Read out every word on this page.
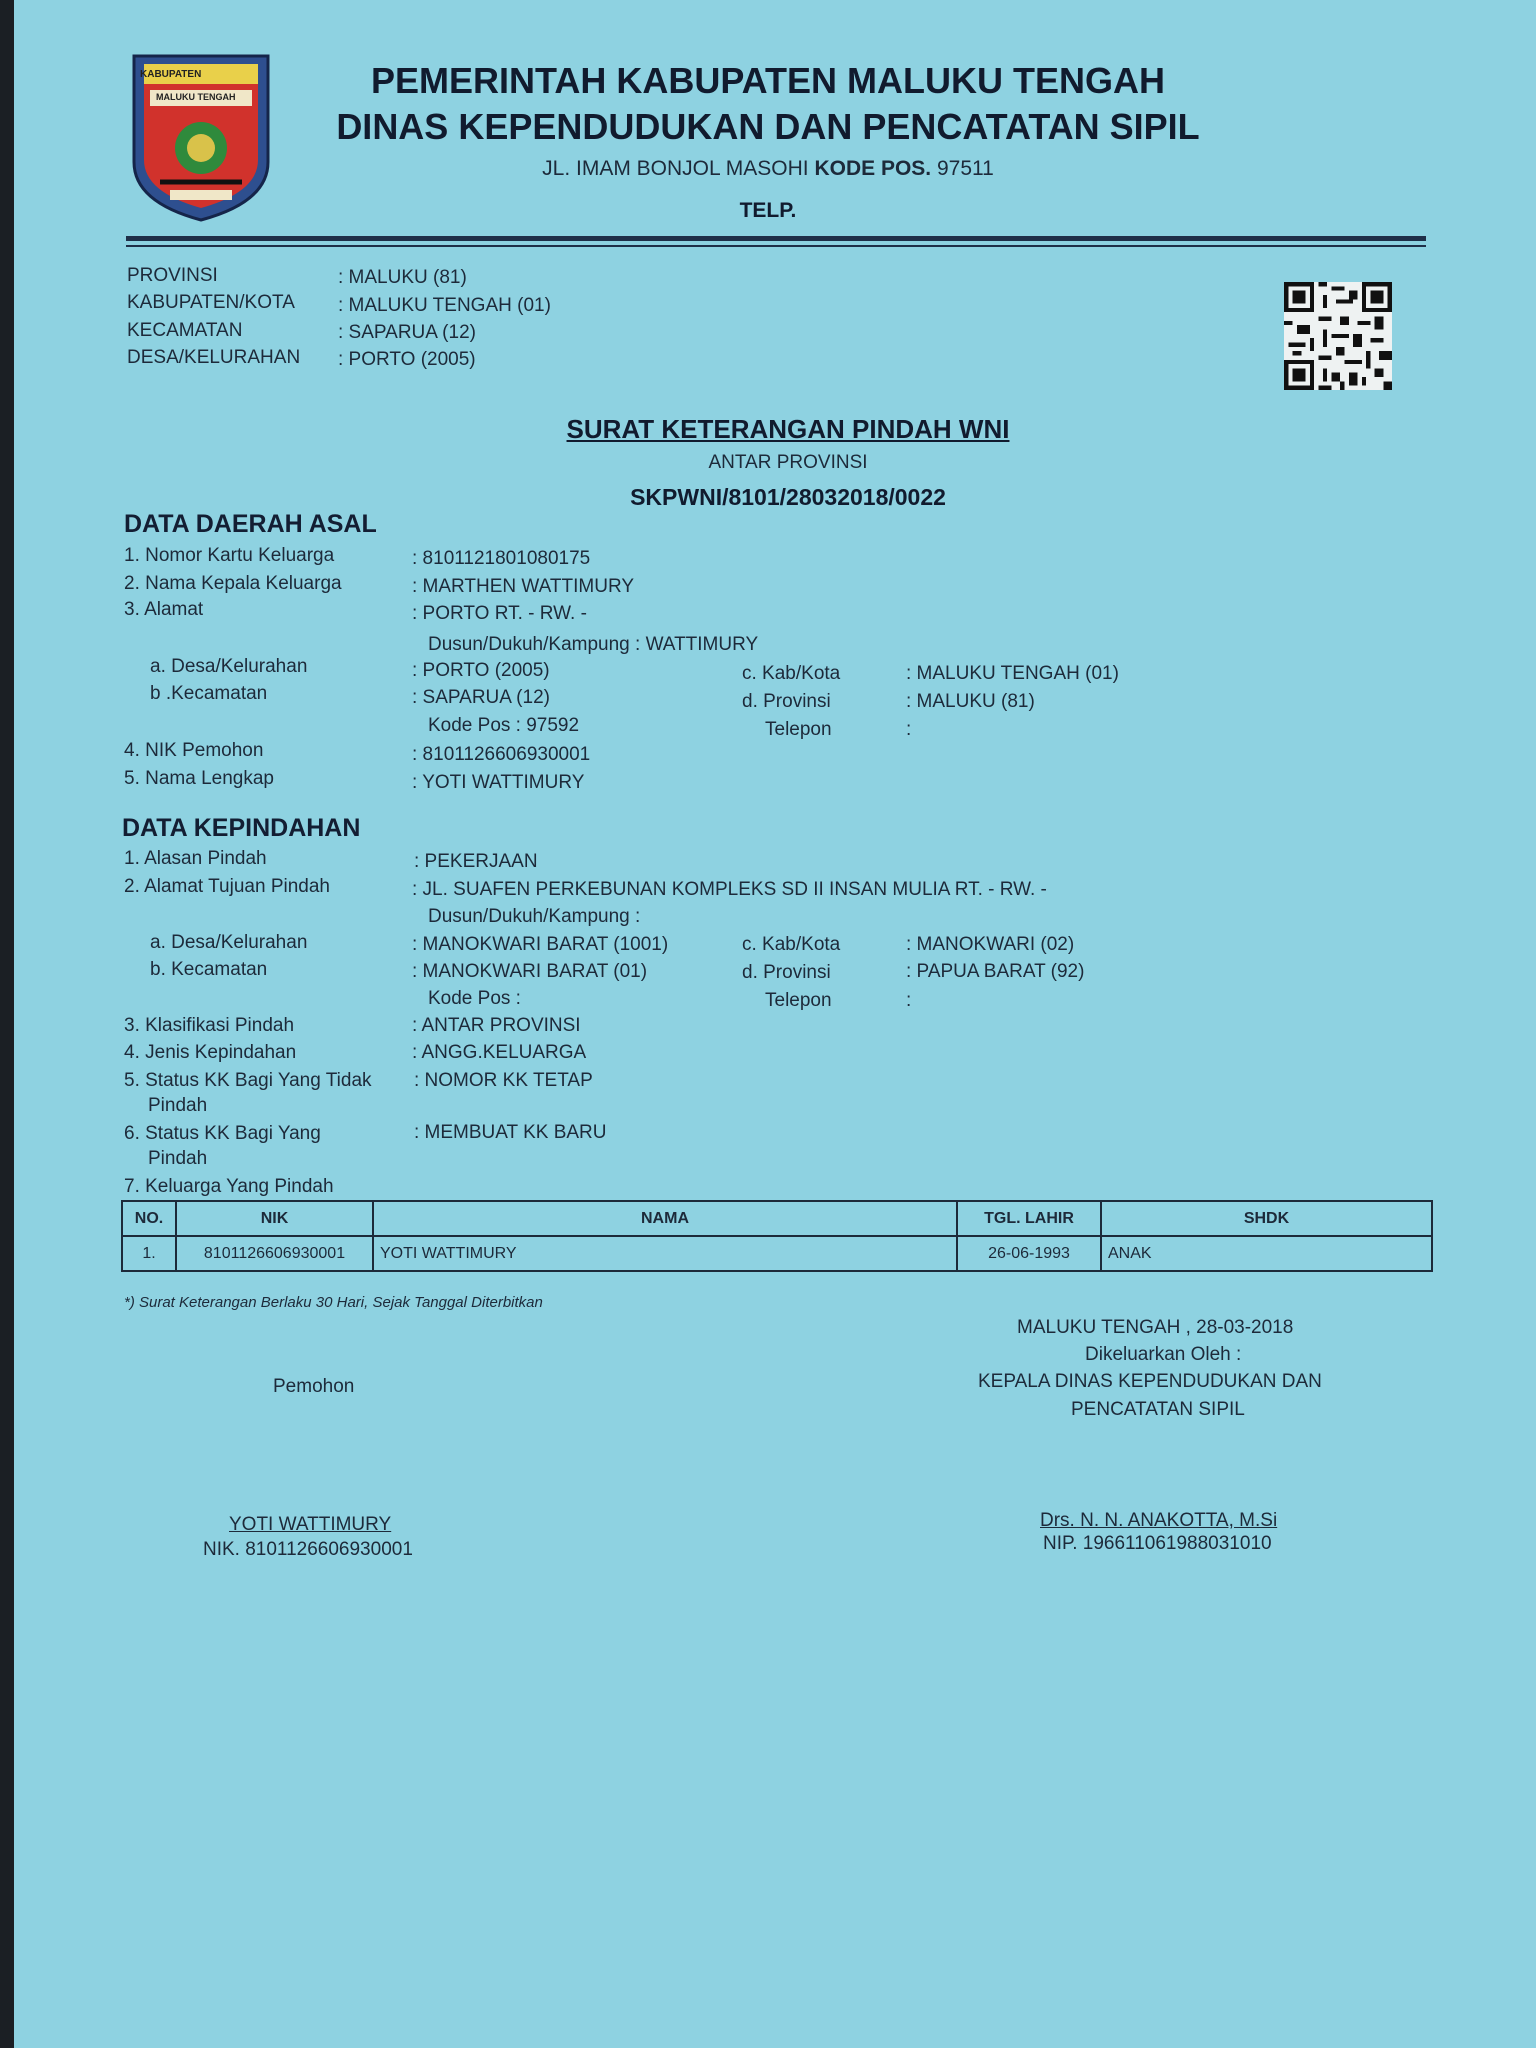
KABUPATEN
MALUKU TENGAH	PEMERINTAH KABUPATEN MALUKU TENGAH
DINAS KEPENDUDUKAN DAN PENCATATAN SIPIL
JL. IMAM BONJOL MASOHI KODE POS. 97511
TELP.
PROVINSI	: MALUKU (81)
KABUPATEN/KOTA : MALUKU TENGAH (01)
KECAMATAN	: SAPARUA (12)
DESA/KELURAHAN : PORTO (2005)
SURAT KETERANGAN PINDAH WNI
ANTAR PROVINSI
SKPWNI/8101/28032018/0022
DATA DAERAH ASAL
1. Nomor Kartu Keluarga	: 8101121801080175
2. Nama Kepala Keluarga	: MARTHEN WATTIMURY
3. Alamat	: PORTO RT. - RW. -
Dusun/Dukuh/Kampung : WATTIMURY
a. Desa/Kelurahan	: PORTO (2005)	c. Kab/Kota	: MALUKU TENGAH (01)
b .Kecamatan	: SAPARUA (12)	d. Provinsi	: MALUKU (81)
Kode Pos : 97592	Telepon	:
4. NIK Pemohon	: 8101126606930001
5. Nama Lengkap	: YOTI WATTIMURY
DATA KEPINDAHAN
1. Alasan Pindah	: PEKERJAAN
2. Alamat Tujuan Pindah	: JL. SUAFEN PERKEBUNAN KOMPLEKS SD II INSAN MULIA RT. - RW. -
Dusun/Dukuh/Kampung :
a. Desa/Kelurahan	: MANOKWARI BARAT (1001)	c. Kab/Kota	: MANOKWARI (02)
b. Kecamatan	: MANOKWARI BARAT (01)	d. Provinsi	: PAPUA BARAT (92)
Kode Pos :	Telepon	:
3. Klasifikasi Pindah	: ANTAR PROVINSI
4. Jenis Kepindahan	: ANGG.KELUARGA
5. Status KK Bagi Yang Tidak
Pindah
: NOMOR KK TETAP
6. Status KK Bagi Yang
Pindah
: MEMBUAT KK BARU
7. Keluarga Yang Pindah
NO.	NIK	NAMA	TGL. LAHIR	SHDK
1.	8101126606930001	YOTI WATTIMURY	26-06-1993	ANAK
*) Surat Keterangan Berlaku 30 Hari, Sejak Tanggal Diterbitkan
MALUKU TENGAH , 28-03-2018
Dikeluarkan Oleh :
KEPALA DINAS KEPENDUDUKAN DAN
PENCATATAN SIPIL
Pemohon
YOTI WATTIMURY
NIK. 8101126606930001
Drs. N. N. ANAKOTTA, M.Si
NIP. 196611061988031010
